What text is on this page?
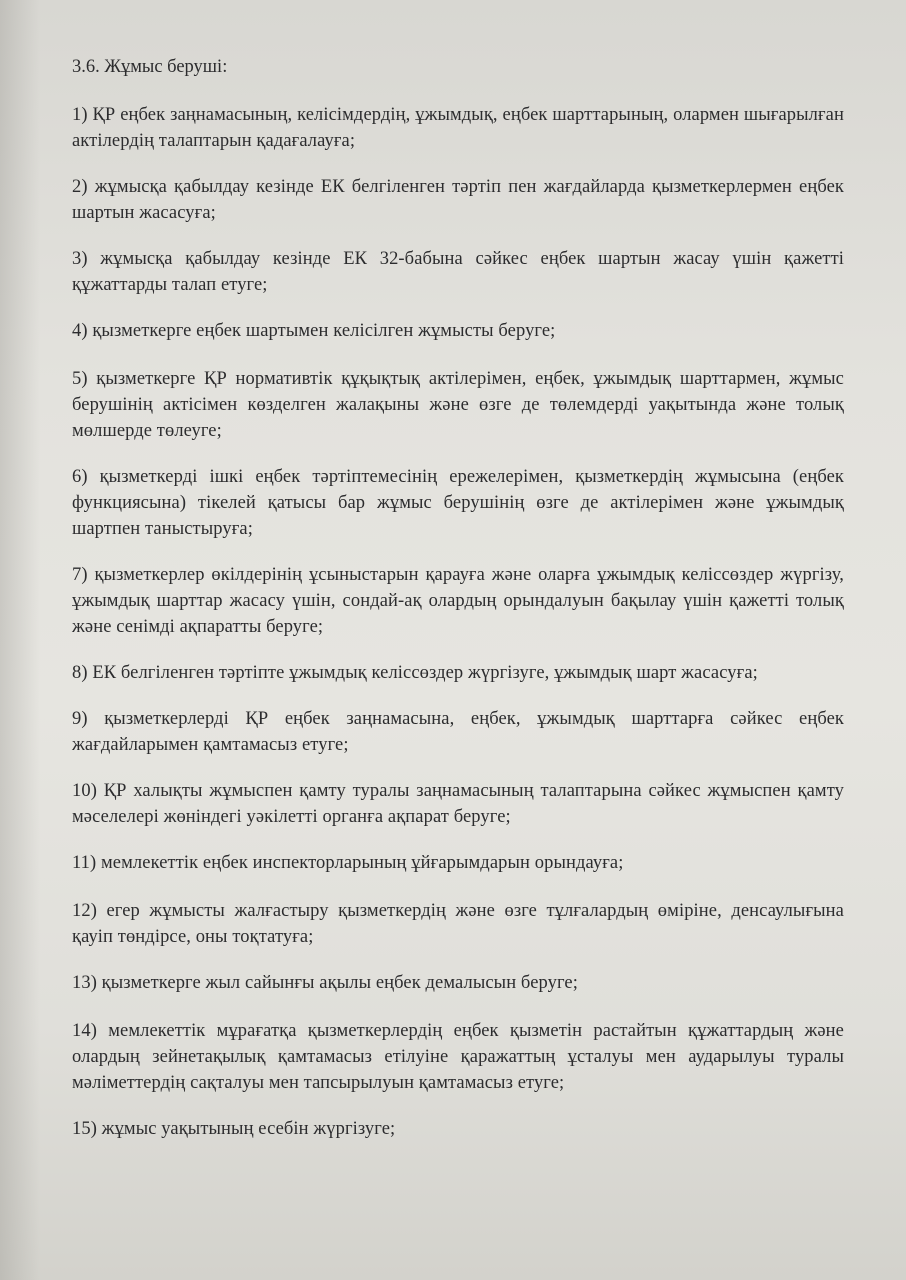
3.6. Жұмыс беруші:

1) ҚР еңбек заңнамасының, келісімдердің, ұжымдық, еңбек шарттарының, олармен шығарылған актілердің талаптарын қадағалауға;

2) жұмысқа қабылдау кезінде ЕК белгіленген тәртіп пен жағдайларда қызметкерлермен еңбек шартын жасасуға;

3) жұмысқа қабылдау кезінде ЕК 32-бабына сәйкес еңбек шартын жасау үшін қажетті құжаттарды талап етуге;

4) қызметкерге еңбек шартымен келісілген жұмысты беруге;

5) қызметкерге ҚР нормативтік құқықтық актілерімен, еңбек, ұжымдық шарттармен, жұмыс берушінің актісімен көзделген жалақыны және өзге де төлемдерді уақытында және толық мөлшерде төлеуге;

6) қызметкерді ішкі еңбек тәртіптемесінің ережелерімен, қызметкердің жұмысына (еңбек функциясына) тікелей қатысы бар жұмыс берушінің өзге де актілерімен және ұжымдық шартпен таныстыруға;

7) қызметкерлер өкілдерінің ұсыныстарын қарауға және оларға ұжымдық келіссөздер жүргізу, ұжымдық шарттар жасасу үшін, сондай-ақ олардың орындалуын бақылау үшін қажетті толық және сенімді ақпаратты беруге;

8) ЕК белгіленген тәртіпте ұжымдық келіссөздер жүргізуге, ұжымдық шарт жасасуға;

9) қызметкерлерді ҚР еңбек заңнамасына, еңбек, ұжымдық шарттарға сәйкес еңбек жағдайларымен қамтамасыз етуге;

10) ҚР халықты жұмыспен қамту туралы заңнамасының талаптарына сәйкес жұмыспен қамту мәселелері жөніндегі уәкілетті органға ақпарат беруге;

11) мемлекеттік еңбек инспекторларының ұйғарымдарын орындауға;

12) егер жұмысты жалғастыру қызметкердің және өзге тұлғалардың өміріне, денсаулығына қауіп төндірсе, оны тоқтатуға;

13) қызметкерге жыл сайынғы ақылы еңбек демалысын беруге;

14) мемлекеттік мұрағатқа қызметкерлердің еңбек қызметін растайтын құжаттардың және олардың зейнетақылық қамтамасыз етілуіне қаражаттың ұсталуы мен аударылуы туралы мәліметтердің сақталуы мен тапсырылуын қамтамасыз етуге;

15) жұмыс уақытының есебін жүргізуге;
